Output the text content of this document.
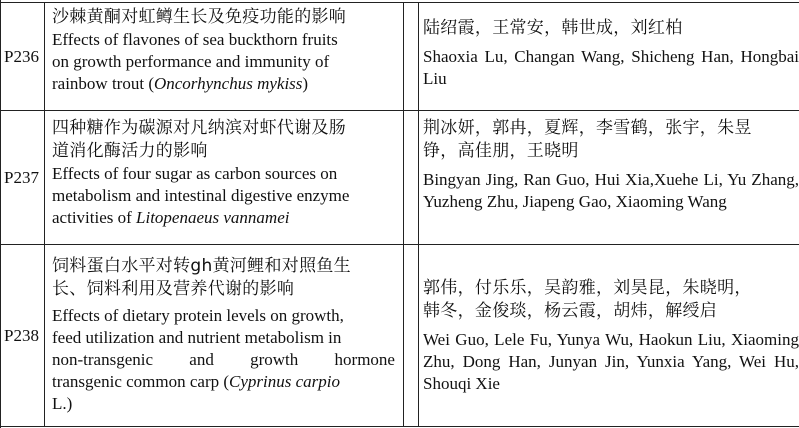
P236
沙棘黄酮对虹鳟生长及免疫功能的影响
Effects of flavones of sea buckthorn fruits
on growth performance and immunity of
rainbow trout (Oncorhynchus mykiss)
陆绍霞，王常安，韩世成，刘红柏
Shaoxia Lu, Changan Wang, Shicheng Han, Hongbai Liu
P237
四种糖作为碳源对凡纳滨对虾代谢及肠
道消化酶活力的影响
Effects of four sugar as carbon sources on
metabolism and intestinal digestive enzyme
activities of Litopenaeus vannamei
荆冰妍，郭冉，夏辉，李雪鹤，张宇，朱昱
铮，高佳朋，王晓明
Bingyan Jing, Ran Guo, Hui Xia,Xuehe Li, Yu Zhang, Yuzheng Zhu, Jiapeng Gao, Xiaoming Wang
P238
饲料蛋白水平对转gh黄河鲤和对照鱼生
长、饲料利用及营养代谢的影响
Effects of dietary protein levels on growth,
feed utilization and nutrient metabolism in
non-transgenic and growth hormone
transgenic common carp (Cyprinus carpio
L.)
郭伟，付乐乐，吴韵雅，刘昊昆，朱晓明，
韩冬，金俊琰，杨云霞，胡炜，解绶启
Wei Guo, Lele Fu, Yunya Wu, Haokun Liu, Xiaoming Zhu, Dong Han, Junyan Jin, Yunxia Yang, Wei Hu, Shouqi Xie
